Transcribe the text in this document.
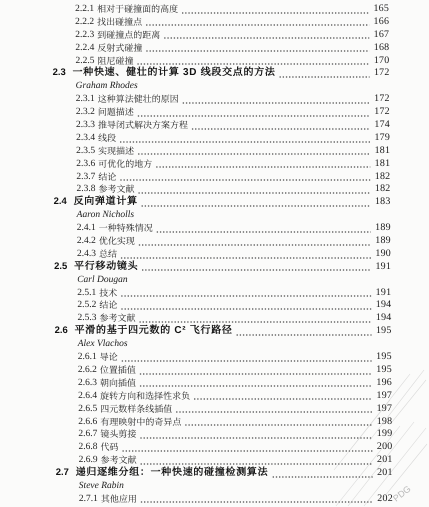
2.2.1 相对于碰撞面的高度	165
2.2.2 找出碰撞点	166
2.2.3 到碰撞点的距离	167
2.2.4 反射式碰撞	168
2.2.5 阻尼碰撞	170
2.3 一种快速、健壮的计算 3D 线段交点的方法	172
Graham Rhodes
2.3.1 这种算法健壮的原因	172
2.3.2 问题描述	172
2.3.3 推导闭式解决方案方程	174
2.3.4 线段	179
2.3.5 实现描述	181
2.3.6 可优化的地方	181
2.3.7 结论	182
2.3.8 参考文献	182
2.4 反向弹道计算	183
Aaron Nicholls
2.4.1 一种特殊情况	189
2.4.2 优化实现	189
2.4.3 总结	190
2.5 平行移动镜头	191
Carl Dougan
2.5.1 技术	191
2.5.2 结论	194
2.5.3 参考文献	194
2.6 平滑的基于四元数的 C² 飞行路径	195
Alex Vlachos
2.6.1 导论	195
2.6.2 位置插值	195
2.6.3 朝向插值	196
2.6.4 旋转方向和选择性求负	197
2.6.5 四元数样条线插值	197
2.6.6 有理映射中的奇异点	198
2.6.7 镜头剪接	199
2.6.8 代码	200
2.6.9 参考文献	201
2.7 递归逐维分组：一种快速的碰撞检测算法	201
Steve Rabin
2.7.1 其他应用	202
PDG
